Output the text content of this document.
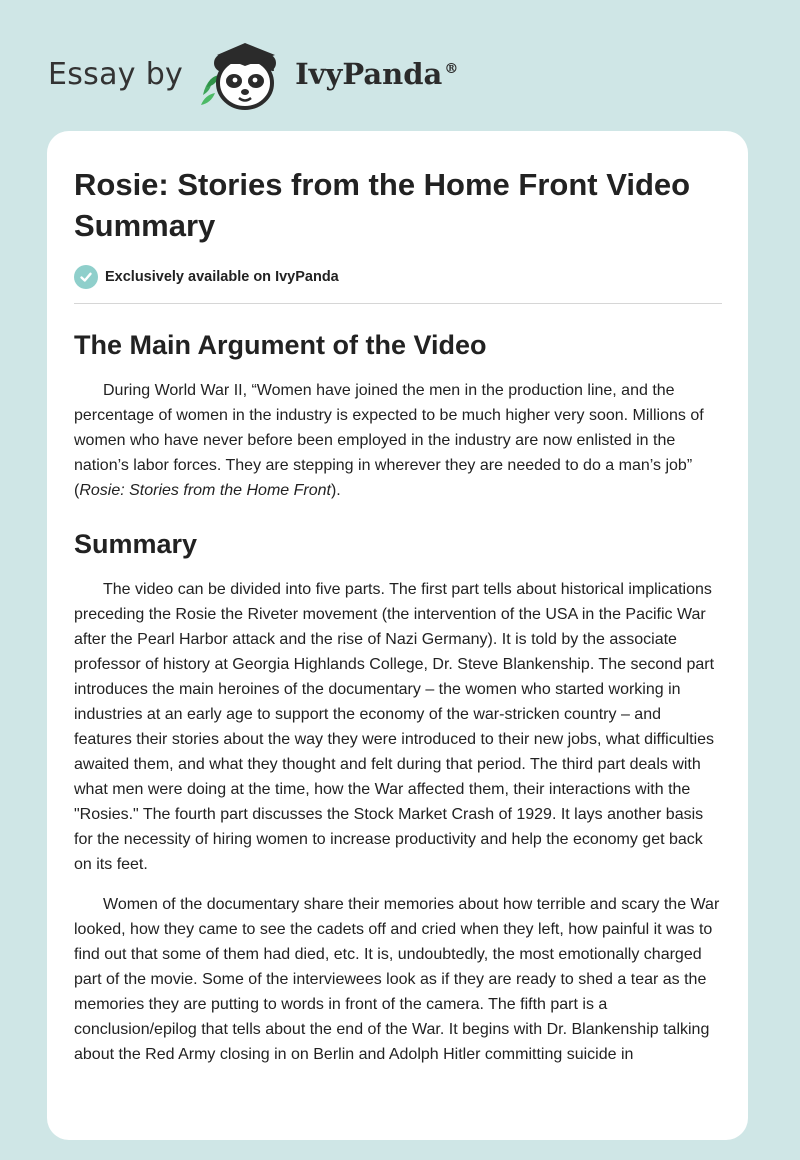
Essay by	IvyPanda ®
Rosie: Stories from the Home Front Video Summary
Exclusively available on IvyPanda
The Main Argument of the Video

During World War II, “Women have joined the men in the production line, and the percentage of women in the industry is expected to be much higher very soon. Millions of women who have never before been employed in the industry are now enlisted in the nation’s labor forces. They are stepping in wherever they are needed to do a man’s job” (Rosie: Stories from the Home Front).

Summary

The video can be divided into five parts. The first part tells about historical implications preceding the Rosie the Riveter movement (the intervention of the USA in the Pacific War after the Pearl Harbor attack and the rise of Nazi Germany). It is told by the associate professor of history at Georgia Highlands College, Dr. Steve Blankenship. The second part introduces the main heroines of the documentary – the women who started working in industries at an early age to support the economy of the war-stricken country – and features their stories about the way they were introduced to their new jobs, what difficulties awaited them, and what they thought and felt during that period. The third part deals with what men were doing at the time, how the War affected them, their interactions with the "Rosies." The fourth part discusses the Stock Market Crash of 1929. It lays another basis for the necessity of hiring women to increase productivity and help the economy get back on its feet.

Women of the documentary share their memories about how terrible and scary the War looked, how they came to see the cadets off and cried when they left, how painful it was to find out that some of them had died, etc. It is, undoubtedly, the most emotionally charged part of the movie. Some of the interviewees look as if they are ready to shed a tear as the memories they are putting to words in front of the camera. The fifth part is a conclusion/epilog that tells about the end of the War. It begins with Dr. Blankenship talking about the Red Army closing in on Berlin and Adolph Hitler committing suicide in
